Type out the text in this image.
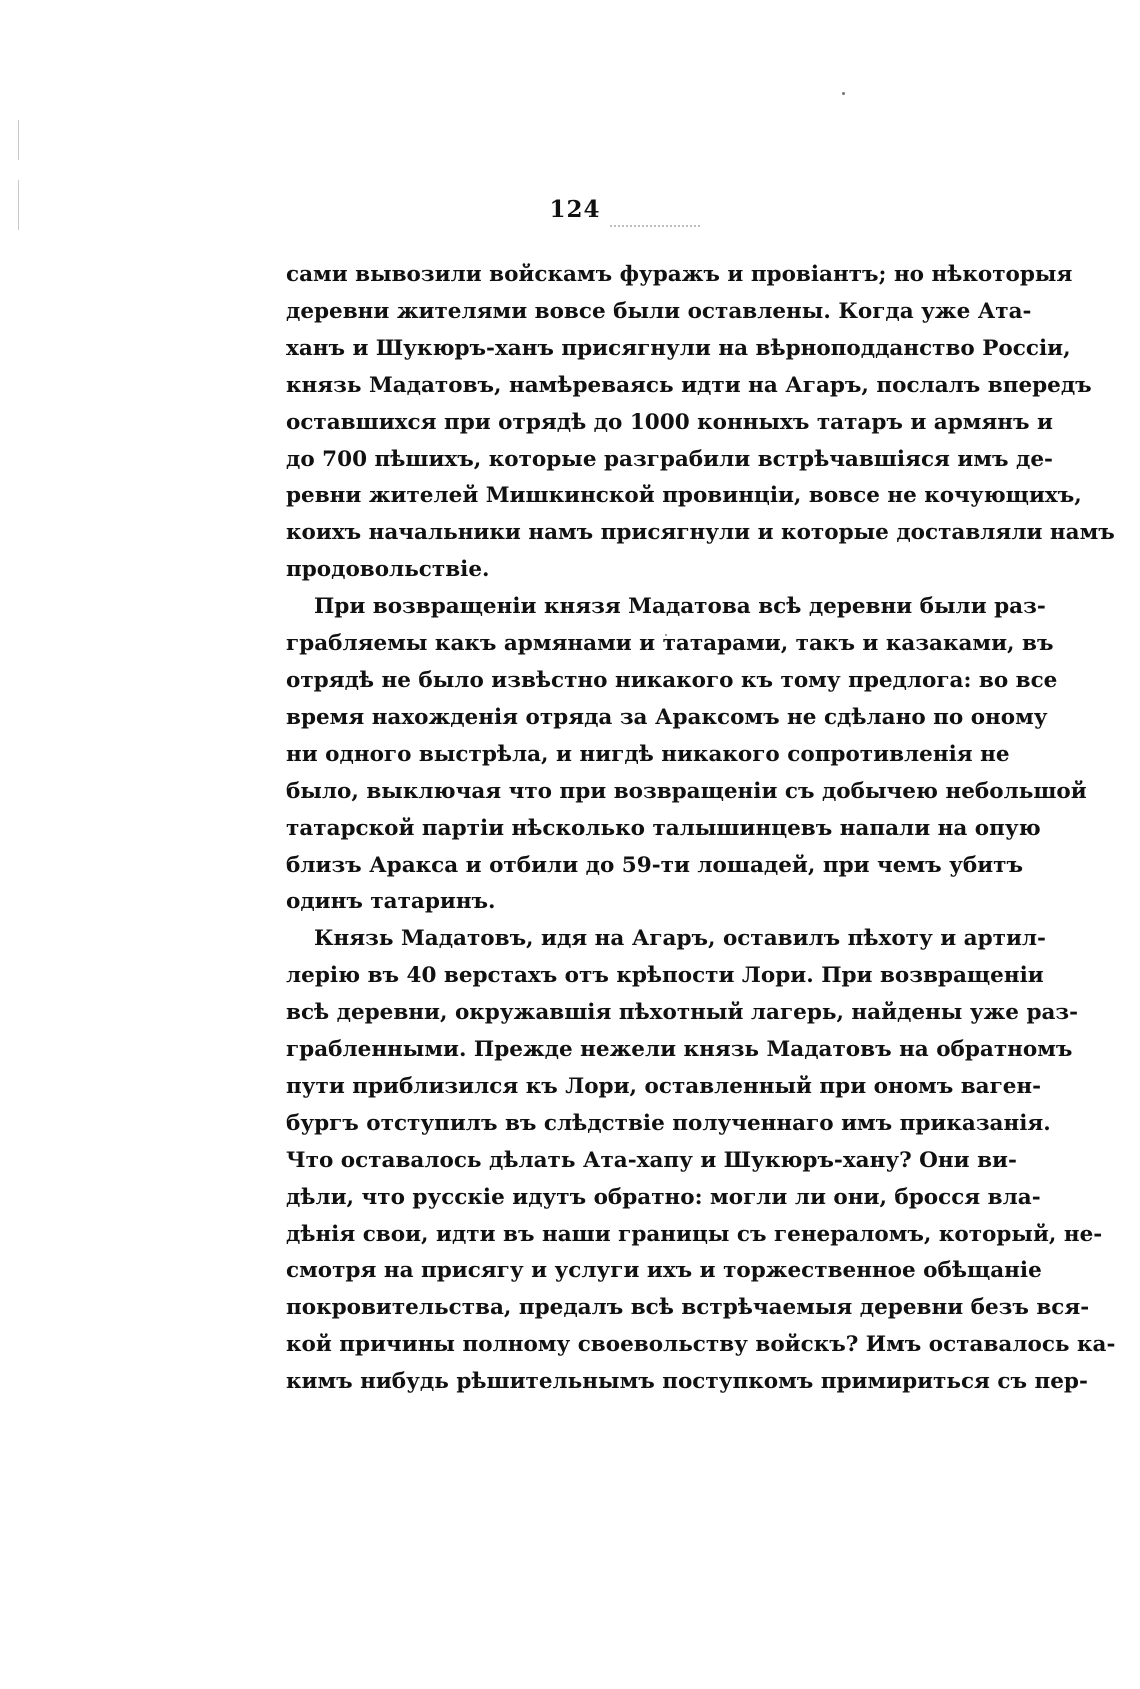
124
сами вывозили войскамъ фуражъ и провіантъ; но нѣкоторыя
деревни жителями вовсе были оставлены. Когда уже Ата-
ханъ и Шукюръ-ханъ присягнули на вѣрноподданство Россіи,
князь Мадатовъ, намѣреваясь идти на Агаръ, послалъ впередъ
оставшихся при отрядѣ до 1000 конныхъ татаръ и армянъ и
до 700 пѣшихъ, которые разграбили встрѣчавшіяся имъ де-
ревни жителей Мишкинской провинціи, вовсе не кочующихъ,
коихъ начальники намъ присягнули и которые доставляли намъ
продовольствіе.
При возвращеніи князя Мадатова всѣ деревни были раз-
грабляемы какъ армянами и татарами, такъ и казаками, въ
отрядѣ не было извѣстно никакого къ тому предлога: во все
время нахожденія отряда за Араксомъ не сдѣлано по оному
ни одного выстрѣла, и нигдѣ никакого сопротивленія не
было, выключая что при возвращеніи съ добычею небольшой
татарской партіи нѣсколько талышинцевъ напали на опую
близъ Аракса и отбили до 59-ти лошадей, при чемъ убитъ
одинъ татаринъ.
Князь Мадатовъ, идя на Агаръ, оставилъ пѣхоту и артил-
лерію въ 40 верстахъ отъ крѣпости Лори. При возвращеніи
всѣ деревни, окружавшія пѣхотный лагерь, найдены уже раз-
грабленными. Прежде нежели князь Мадатовъ на обратномъ
пути приблизился къ Лори, оставленный при ономъ ваген-
бургъ отступилъ въ слѣдствіе полученнаго имъ приказанія.
Что оставалось дѣлать Ата-хапу и Шукюръ-хану? Они ви-
дѣли, что русскіе идутъ обратно: могли ли они, бросся вла-
дѣнія свои, идти въ наши границы съ генераломъ, который, не-
смотря на присягу и услуги ихъ и торжественное обѣщаніе
покровительства, предалъ всѣ встрѣчаемыя деревни безъ вся-
кой причины полному своевольству войскъ? Имъ оставалось ка-
кимъ нибудь рѣшительнымъ поступкомъ примириться съ пер-
